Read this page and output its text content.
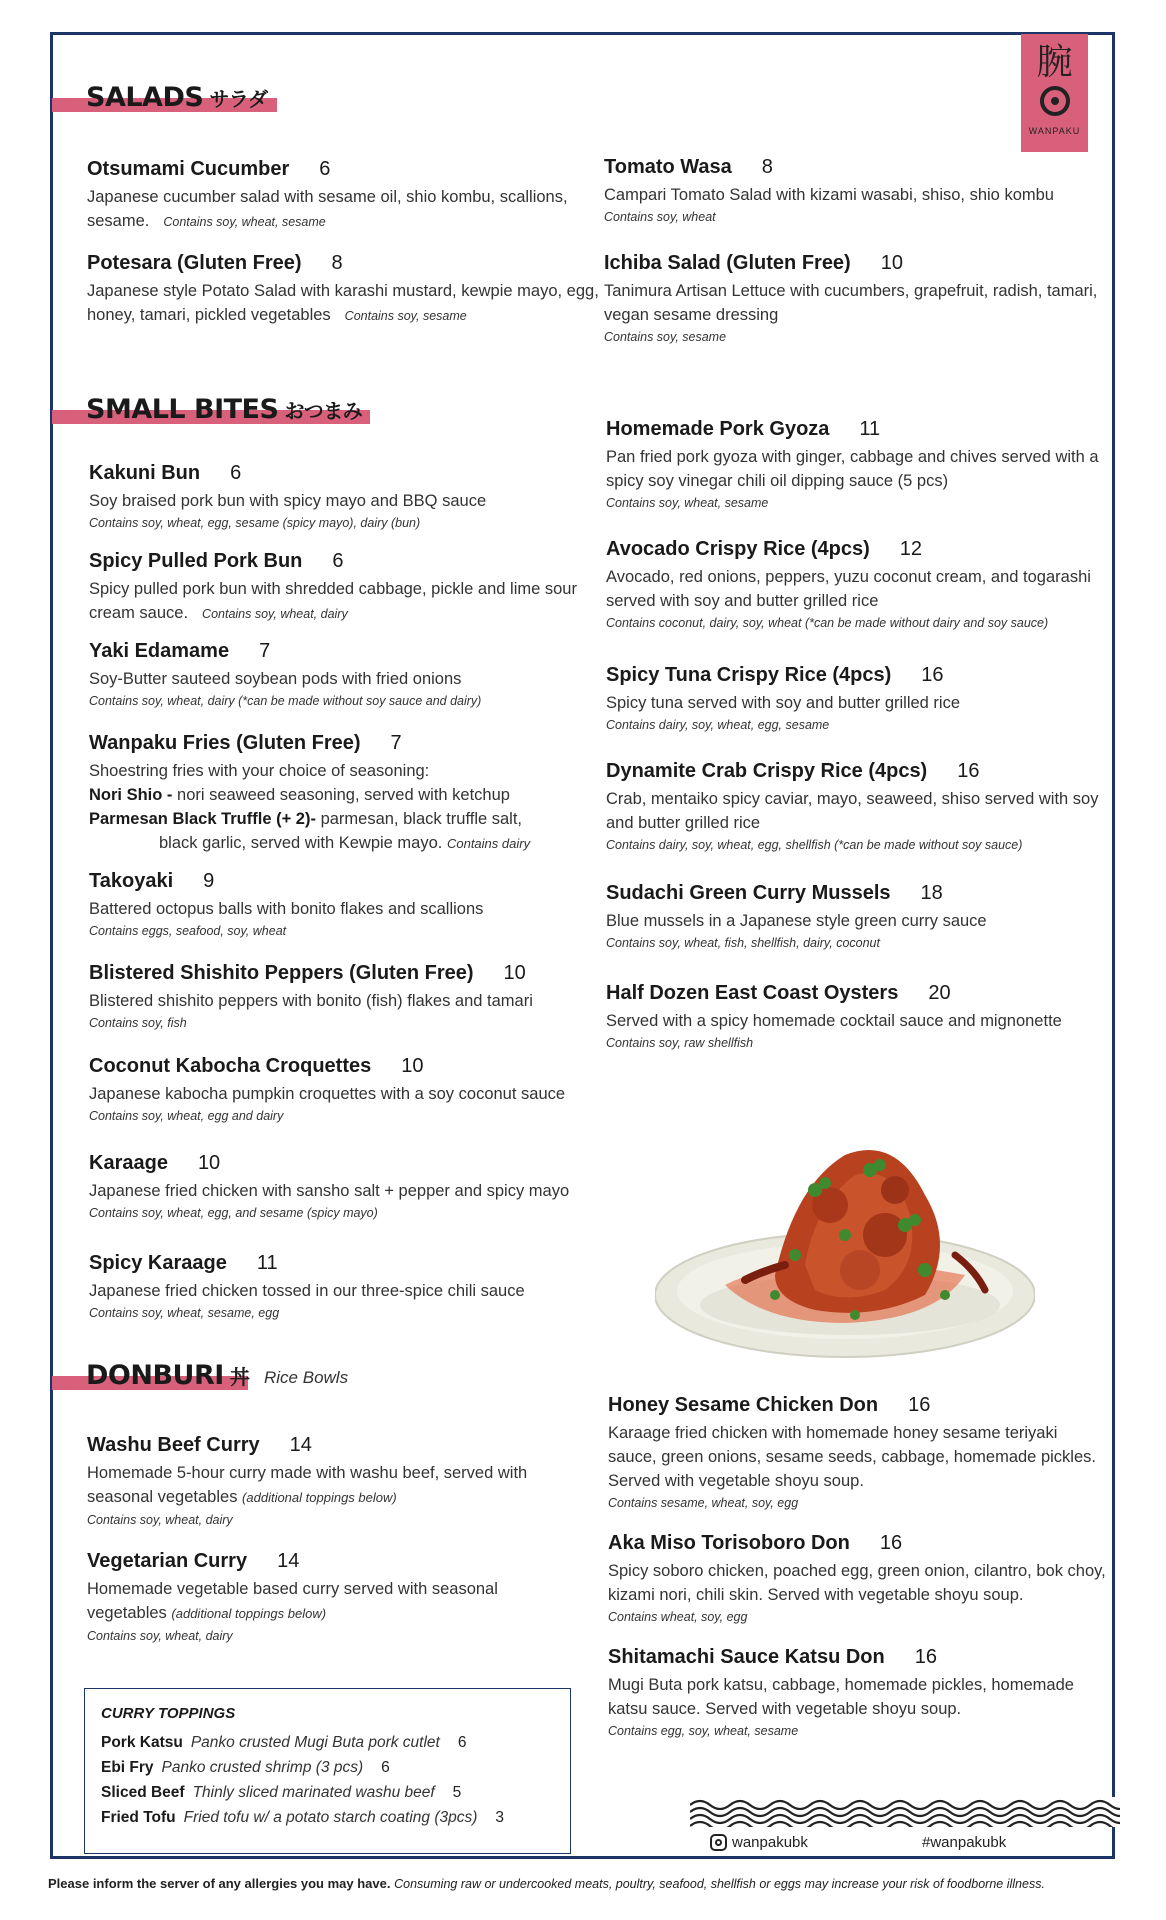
腕
WANPAKU
SALADS サラダ
Otsumami Cucumber 6
Japanese cucumber salad with sesame oil, shio kombu, scallions, sesame. Contains soy, wheat, sesame
Potesara (Gluten Free) 8
Japanese style Potato Salad with karashi mustard, kewpie mayo, egg, honey, tamari, pickled vegetables Contains soy, sesame
Tomato Wasa 8
Campari Tomato Salad with kizami wasabi, shiso, shio kombu
Contains soy, wheat
Ichiba Salad (Gluten Free) 10
Tanimura Artisan Lettuce with cucumbers, grapefruit, radish, tamari, vegan sesame dressing
Contains soy, sesame
SMALL BITES おつまみ
Kakuni Bun 6
Soy braised pork bun with spicy mayo and BBQ sauce
Contains soy, wheat, egg, sesame (spicy mayo), dairy (bun)
Spicy Pulled Pork Bun 6
Spicy pulled pork bun with shredded cabbage, pickle and lime sour cream sauce. Contains soy, wheat, dairy
Yaki Edamame 7
Soy-Butter sauteed soybean pods with fried onions
Contains soy, wheat, dairy (*can be made without soy sauce and dairy)
Wanpaku Fries (Gluten Free) 7
Shoestring fries with your choice of seasoning:
Nori Shio - nori seaweed seasoning, served with ketchup
Parmesan Black Truffle (+ 2)- parmesan, black truffle salt,
black garlic, served with Kewpie mayo. Contains dairy
Takoyaki 9
Battered octopus balls with bonito flakes and scallions
Contains eggs, seafood, soy, wheat
Blistered Shishito Peppers (Gluten Free) 10
Blistered shishito peppers with bonito (fish) flakes and tamari
Contains soy, fish
Coconut Kabocha Croquettes 10
Japanese kabocha pumpkin croquettes with a soy coconut sauce
Contains soy, wheat, egg and dairy
Karaage 10
Japanese fried chicken with sansho salt + pepper and spicy mayo
Contains soy, wheat, egg, and sesame (spicy mayo)
Spicy Karaage 11
Japanese fried chicken tossed in our three-spice chili sauce
Contains soy, wheat, sesame, egg
Homemade Pork Gyoza 11
Pan fried pork gyoza with ginger, cabbage and chives served with a spicy soy vinegar chili oil dipping sauce (5 pcs)
Contains soy, wheat, sesame
Avocado Crispy Rice (4pcs) 12
Avocado, red onions, peppers, yuzu coconut cream, and togarashi served with soy and butter grilled rice
Contains coconut, dairy, soy, wheat (*can be made without dairy and soy sauce)
Spicy Tuna Crispy Rice (4pcs) 16
Spicy tuna served with soy and butter grilled rice
Contains dairy, soy, wheat, egg, sesame
Dynamite Crab Crispy Rice (4pcs) 16
Crab, mentaiko spicy caviar, mayo, seaweed, shiso served with soy and butter grilled rice
Contains dairy, soy, wheat, egg, shellfish (*can be made without soy sauce)
Sudachi Green Curry Mussels 18
Blue mussels in a Japanese style green curry sauce
Contains soy, wheat, fish, shellfish, dairy, coconut
Half Dozen East Coast Oysters 20
Served with a spicy homemade cocktail sauce and mignonette
Contains soy, raw shellfish
DONBURI 丼 Rice Bowls
Washu Beef Curry 14
Homemade 5-hour curry made with washu beef, served with seasonal vegetables (additional toppings below)
Contains soy, wheat, dairy
Vegetarian Curry 14
Homemade vegetable based curry served with seasonal vegetables (additional toppings below)
Contains soy, wheat, dairy
CURRY TOPPINGS
Pork Katsu Panko crusted Mugi Buta pork cutlet 6
Ebi Fry Panko crusted shrimp (3 pcs) 6
Sliced Beef Thinly sliced marinated washu beef 5
Fried Tofu Fried tofu w/ a potato starch coating (3pcs) 3
Honey Sesame Chicken Don 16
Karaage fried chicken with homemade honey sesame teriyaki sauce, green onions, sesame seeds, cabbage, homemade pickles. Served with vegetable shoyu soup.
Contains sesame, wheat, soy, egg
Aka Miso Torisoboro Don 16
Spicy soboro chicken, poached egg, green onion, cilantro, bok choy, kizami nori, chili skin. Served with vegetable shoyu soup.
Contains wheat, soy, egg
Shitamachi Sauce Katsu Don 16
Mugi Buta pork katsu, cabbage, homemade pickles, homemade katsu sauce. Served with vegetable shoyu soup.
Contains egg, soy, wheat, sesame
wanpakubk	#wanpakubk
Please inform the server of any allergies you may have. Consuming raw or undercooked meats, poultry, seafood, shellfish or eggs may increase your risk of foodborne illness.
